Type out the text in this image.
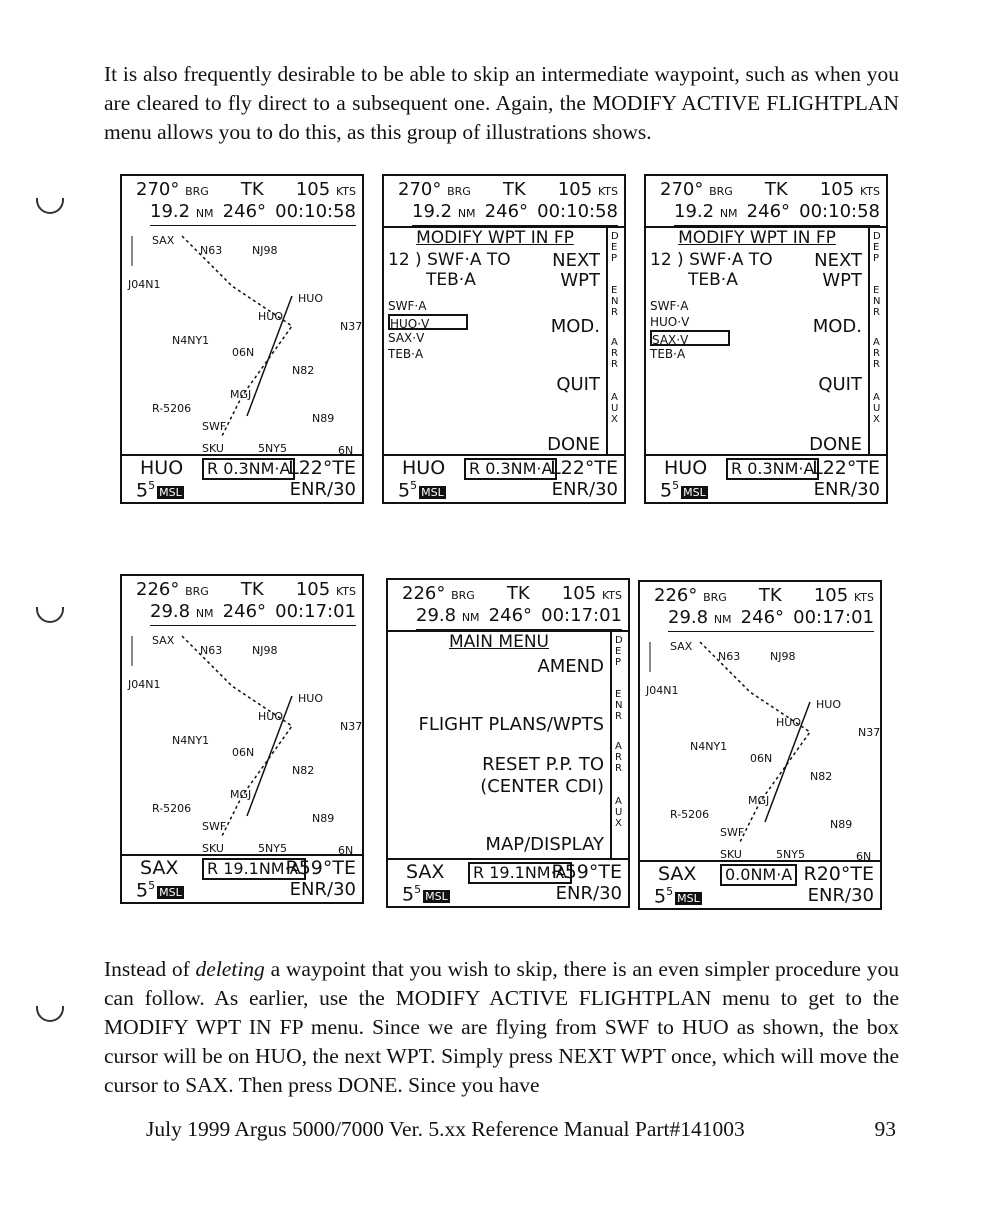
It is also frequently desirable to be able to skip an intermediate waypoint, such as when you are cleared to fly direct to a subsequent one. Again, the MODIFY ACTIVE FLIGHTPLAN menu allows you to do this, as this group of illustrations shows.

270° BRG TK 105 KTS
19.2 NM 246° 00:10:58
SAX
N63	NJ98
J04N1
HUO
HUO
N37
N4NY1
06N
N82
MGJ
R-5206
SWF
N89
SKU	5NY5	6N
HUO	R 0.3NM·A
L22°TE
$5^5MSL$	ENR/30
270° BRG TK 105 KTS
19.2 NM 246° 00:10:58
MODIFY WPT IN FP
12 ) SWF·A TO
TEB·A
NEXT
WPT
SWF·A
HUO·V
SAX·V
TEB·A
MOD.
QUIT
DONE
D
E
P
E
N
R
A
R
R
A
U
X
HUO	R 0.3NM·A
L22°TE
$5^5MSL$	ENR/30
270° BRG TK 105 KTS
19.2 NM 246° 00:10:58
MODIFY WPT IN FP
12 ) SWF·A TO
TEB·A
NEXT
WPT
SWF·A
HUO·V
SAX·V
TEB·A
MOD.
QUIT
DONE
D
E
P
E
N
R
A
R
R
A
U
X
HUO	R 0.3NM·A
L22°TE
$5^5MSL$	ENR/30
226° BRG TK 105 KTS
29.8 NM 246° 00:17:01
SAX
N63	NJ98
J04N1
HUO
HUO
N37
N4NY1
06N
N82
MGJ
R-5206
SWF
N89
SKU	5NY5	6N
SAX	R 19.1NM·A
R59°TE
$5^5MSL$	ENR/30
226° BRG TK 105 KTS
29.8 NM 246° 00:17:01
MAIN MENU
AMEND
FLIGHT PLANS/WPTS
RESET P.P. TO
(CENTER CDI)
MAP/DISPLAY
D
E
P
E
N
R
A
R
R
A
U
X
SAX	R 19.1NM·A
R59°TE
$5^5MSL$	ENR/30
226° BRG TK 105 KTS
29.8 NM 246° 00:17:01
SAX
N63	NJ98
J04N1
HUO
HUO
N37
N4NY1
06N
N82
MGJ
R-5206
SWF
N89
SKU	5NY5	6N
SAX	0.0NM·A R20°TE
$5^5MSL$	ENR/30

Instead of deleting a waypoint that you wish to skip, there is an even simpler procedure you can follow. As earlier, use the MODIFY ACTIVE FLIGHTPLAN menu to get to the MODIFY WPT IN FP menu. Since we are flying from SWF to HUO as shown, the box cursor will be on HUO, the next WPT. Simply press NEXT WPT once, which will move the cursor to SAX. Then press DONE. Since you have

July 1999 Argus 5000/7000 Ver. 5.xx Reference Manual Part#141003	93
